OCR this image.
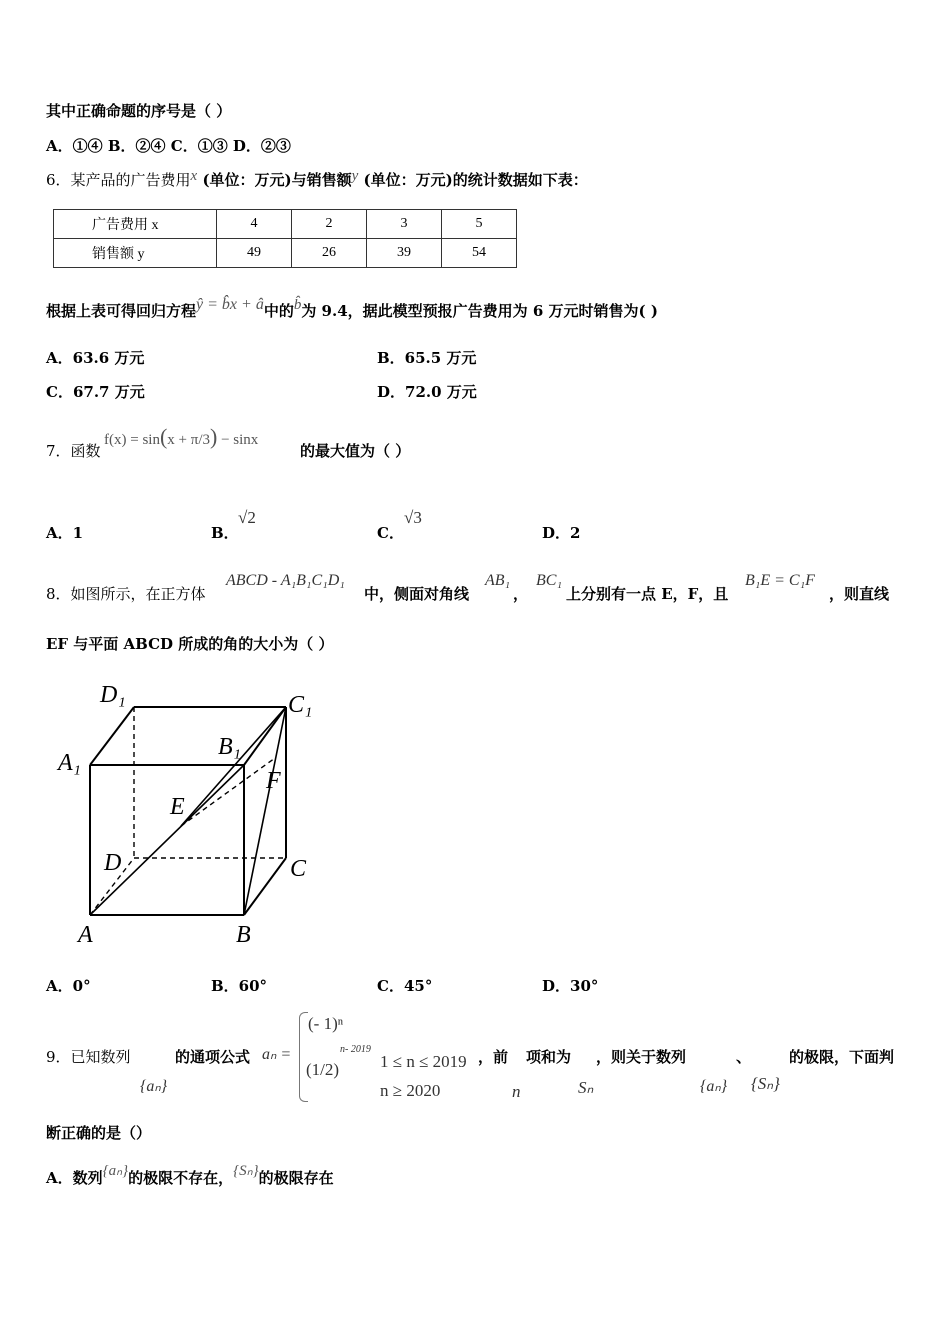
其中正确命题的序号是（ ）
A．①④ B．②④ C．①③ D．②③
6．某产品的广告费用x (单位：万元)与销售额y (单位：万元)的统计数据如下表：
广告费用 x	4	2	3	5
销售额 y	49	26	39	54
根据上表可得回归方程ŷ = b̂x + â中的b̂为 9.4，据此模型预报广告费用为 6 万元时销售为( )
A．63.6 万元	B．65.5 万元
C．67.7 万元	D．72.0 万元
7．函数
f(x) = sin(x + π/3) − sinx
的最大值为（ ）
A．1	B．
√2
C．
√3
D．2
8．如图所示，在正方体
ABCD - A₁B₁C₁D₁
中，侧面对角线
AB₁
，
BC₁
上分别有一点 E，F，且
B₁E = C₁F
，则直线
EF 与平面 ABCD 所成的角的大小为（ ）
D₁	C₁
A₁
B₁
E
F
D	C
A	B
A．0°	B．60°	C．45°	D．30°
9．已知数列
{aₙ}
的通项公式 aₙ =
(- 1)ⁿ
1 ≤ n ≤ 2019
(1/2)
n- 2019
n ≥ 2020
，前
n
项和为
Sₙ
，则关于数列
{aₙ}
、
{Sₙ}
的极限，下面判
断正确的是（）
A．数列{aₙ}的极限不存在，{Sₙ}的极限存在
